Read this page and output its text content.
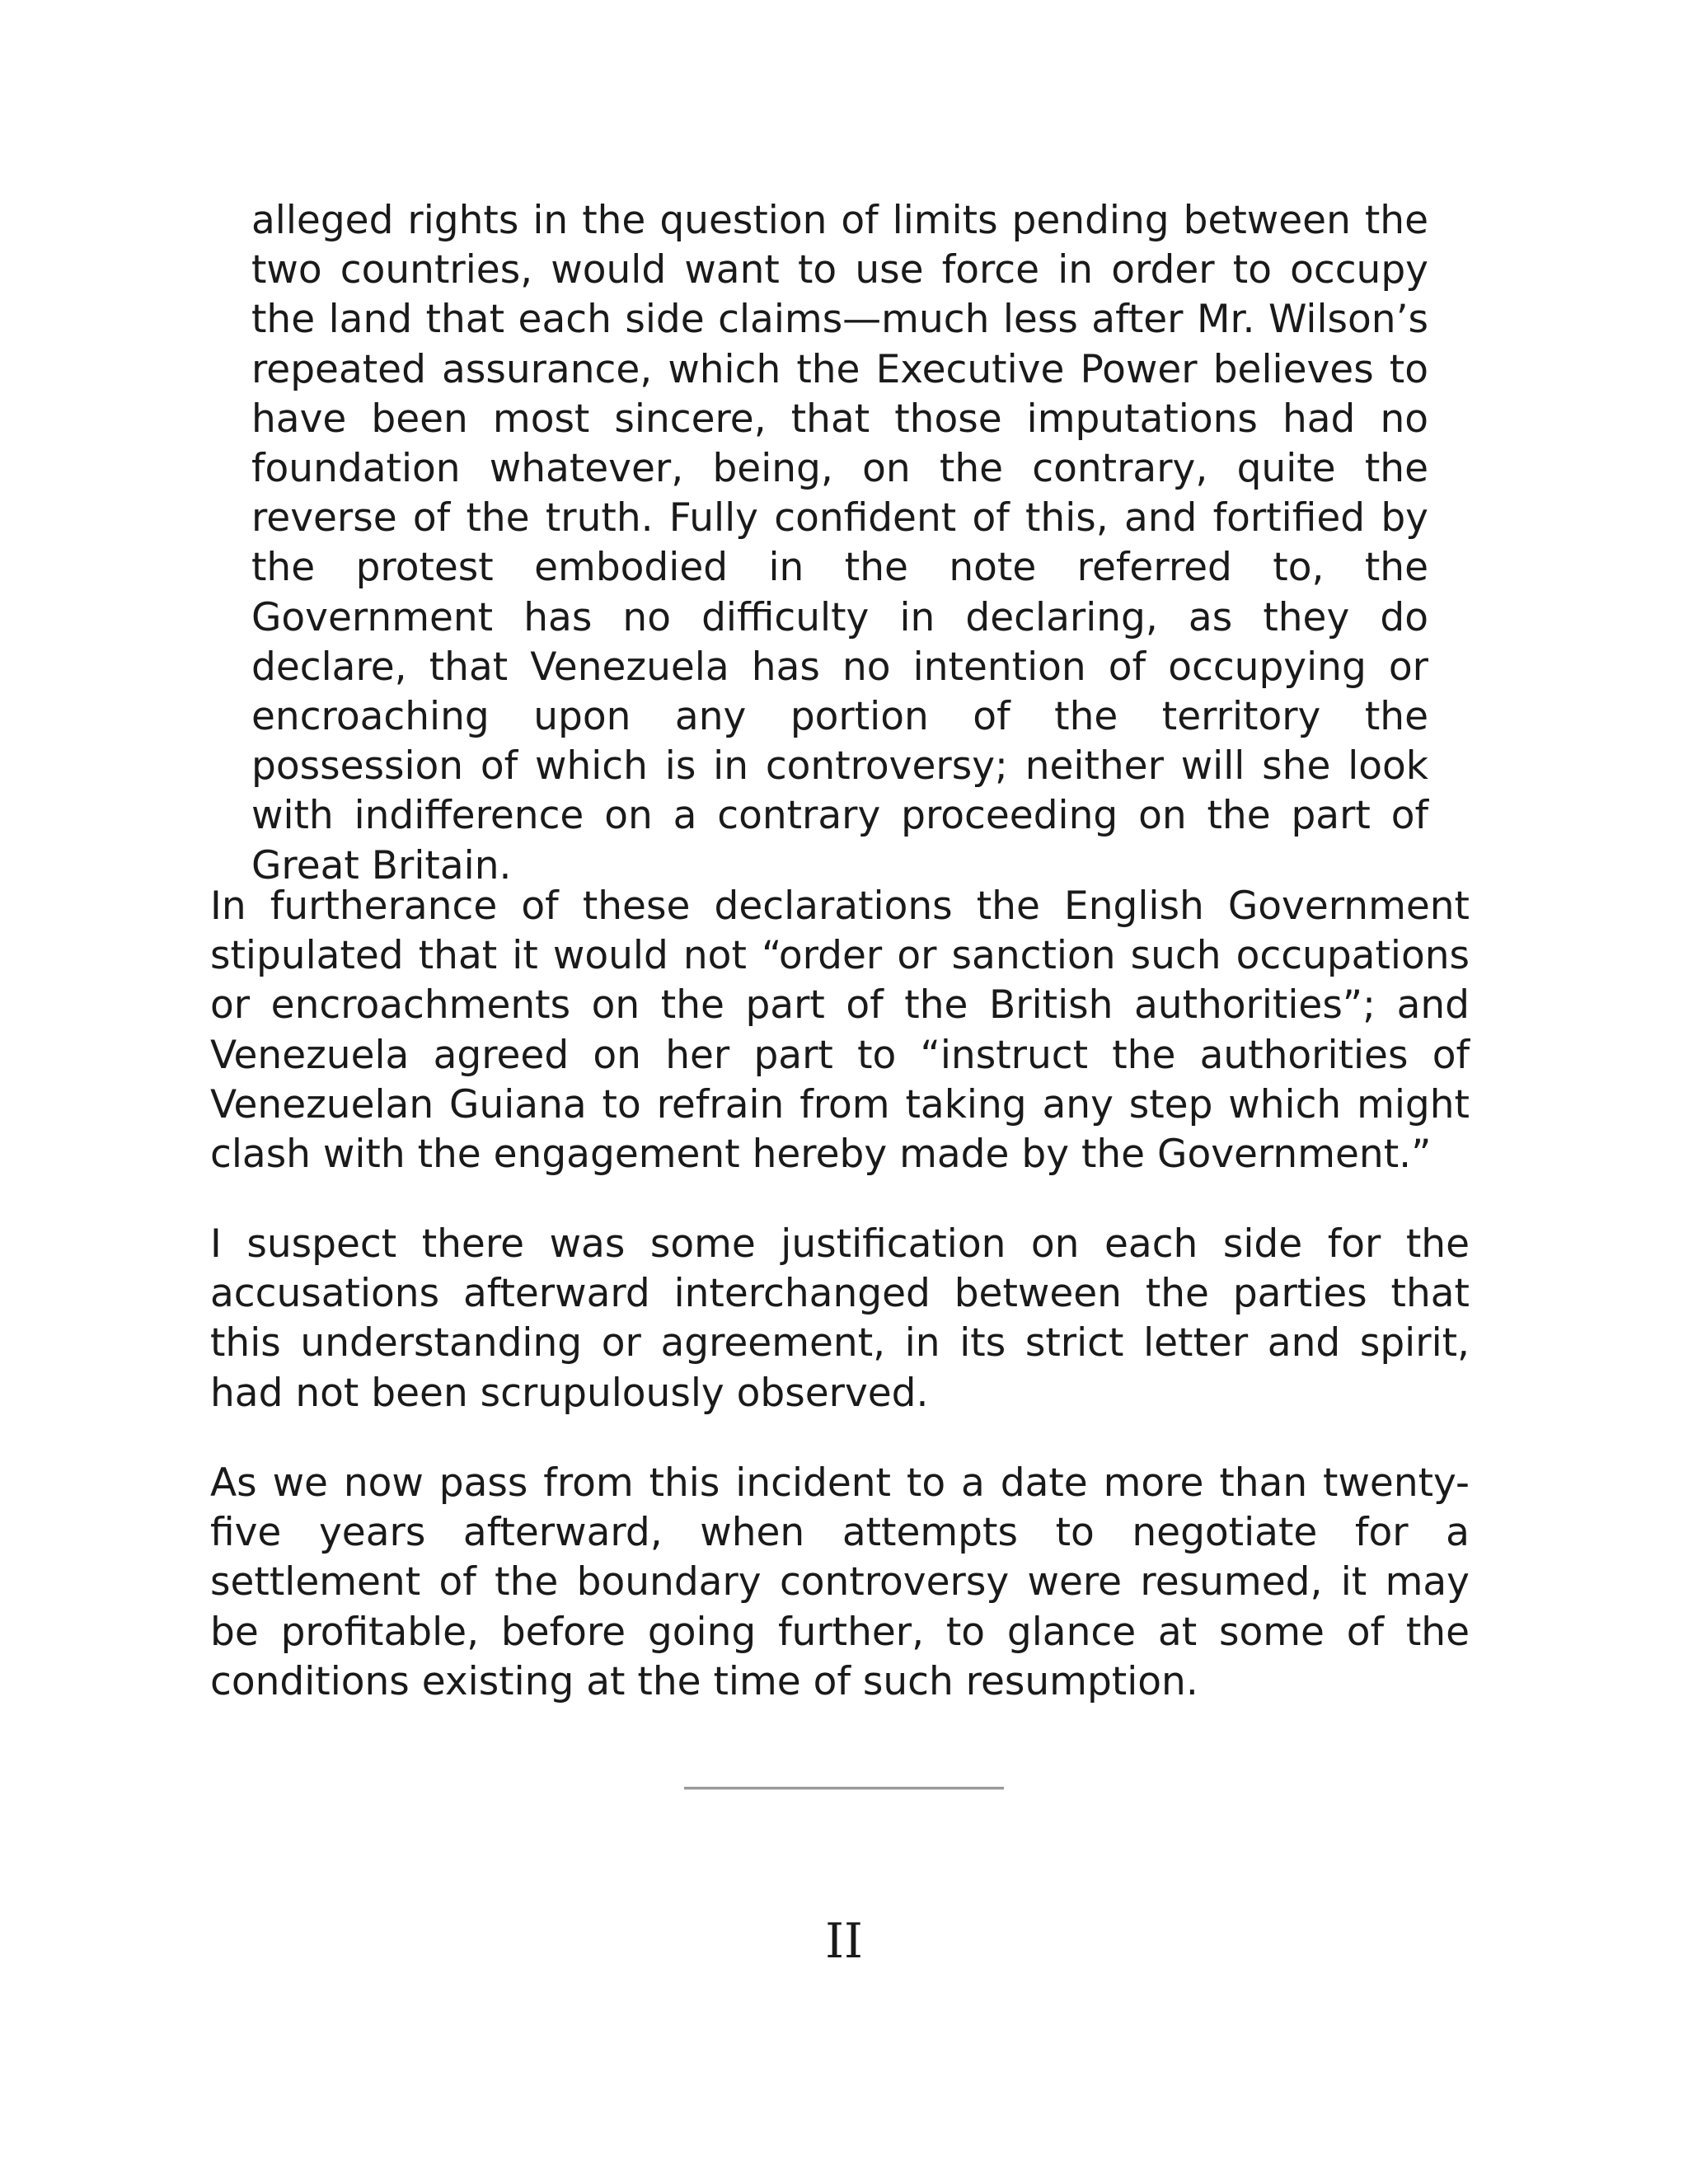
alleged rights in the question of limits pending between the two countries, would want to use force in order to occupy the land that each side claims—much less after Mr. Wilson’s repeated assurance, which the Executive Power believes to have been most sincere, that those imputations had no foundation whatever, being, on the contrary, quite the reverse of the truth. Fully confident of this, and fortified by the protest embodied in the note referred to, the Government has no difficulty in declaring, as they do declare, that Venezuela has no intention of occupying or encroaching upon any portion of the territory the possession of which is in controversy; neither will she look with indifference on a contrary proceeding on the part of Great Britain.

In furtherance of these declarations the English Government stipulated that it would not “order or sanction such occupations or encroachments on the part of the British authorities”; and Venezuela agreed on her part to “instruct the authorities of Venezuelan Guiana to refrain from taking any step which might clash with the engagement hereby made by the Government.”

I suspect there was some justification on each side for the accusations afterward interchanged between the parties that this understanding or agreement, in its strict letter and spirit, had not been scrupulously observed.

As we now pass from this incident to a date more than twenty-five years afterward, when attempts to negotiate for a settlement of the boundary controversy were resumed, it may be profitable, before going further, to glance at some of the conditions existing at the time of such resumption.

II
